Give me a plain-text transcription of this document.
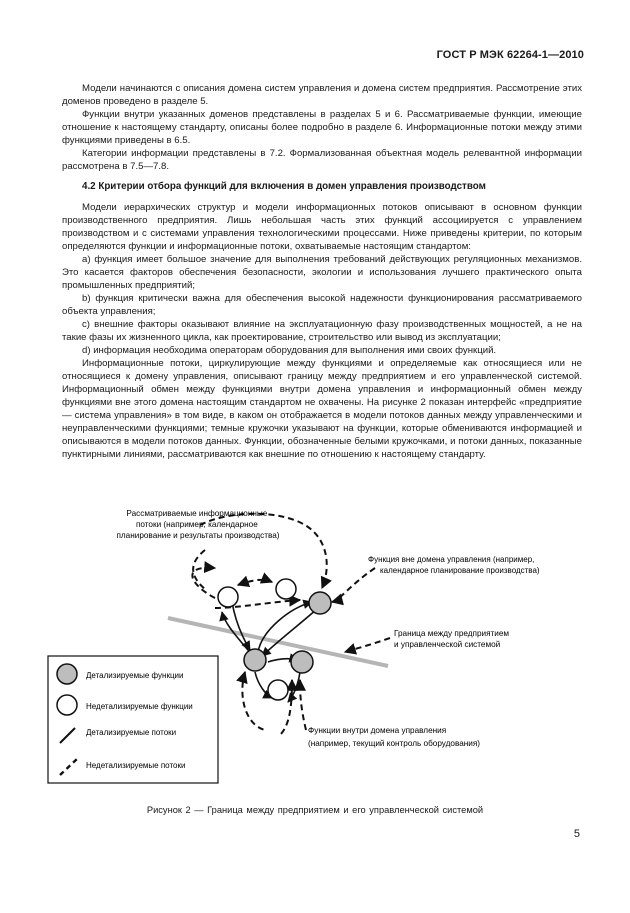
ГОСТ Р МЭК 62264-1—2010

Модели начинаются с описания домена систем управления и домена систем предприятия. Рассмотрение этих доменов проведено в разделе 5.

Функции внутри указанных доменов представлены в разделах 5 и 6. Рассматриваемые функции, имеющие отношение к настоящему стандарту, описаны более подробно в разделе 6. Информационные потоки между этими функциями приведены в 6.5.

Категории информации представлены в 7.2. Формализованная объектная модель релевантной информации рассмотрена в 7.5—7.8.

4.2 Критерии отбора функций для включения в домен управления производством

Модели иерархических структур и модели информационных потоков описывают в основном функции производственного предприятия. Лишь небольшая часть этих функций ассоциируется с управлением производством и с системами управления технологическими процессами. Ниже приведены критерии, по которым определяются функции и информационные потоки, охватываемые настоящим стандартом:

а) функция имеет большое значение для выполнения требований действующих регуляционных механизмов. Это касается факторов обеспечения безопасности, экологии и использования лучшего практического опыта промышленных предприятий;

b) функция критически важна для обеспечения высокой надежности функционирования рассматриваемого объекта управления;

c) внешние факторы оказывают влияние на эксплуатационную фазу производственных мощностей, а не на такие фазы их жизненного цикла, как проектирование, строительство или вывод из эксплуатации;

d) информация необходима операторам оборудования для выполнения ими своих функций.

Информационные потоки, циркулирующие между функциями и определяемые как относящиеся или не относящиеся к домену управления, описывают границу между предприятием и его управленческой системой. Информационный обмен между функциями внутри домена управления и информационный обмен между функциями вне этого домена настоящим стандартом не охвачены. На рисунке 2 показан интерфейс «предприятие — система управления» в том виде, в каком он отображается в модели потоков данных между управленческими и неуправленческими функциями; темные кружочки указывают на функции, которые обмениваются информацией и описываются в модели потоков данных. Функции, обозначенные белыми кружочками, и потоки данных, показанные пунктирными линиями, рассматриваются как внешние по отношению к настоящему стандарту.

Рассматриваемые информационные потоки (например, календарное планирование и результаты производства)
Функция вне домена управления (например, календарное планирование производства)
Граница между предприятием и управленческой системой
Функции внутри домена управления (например, текущий контроль оборудования)
Детализируемые функции
Недетализируемые функции
Детализируемые потоки
Недетализируемые потоки
Рисунок 2 — Граница между предприятием и его управленческой системой
5
